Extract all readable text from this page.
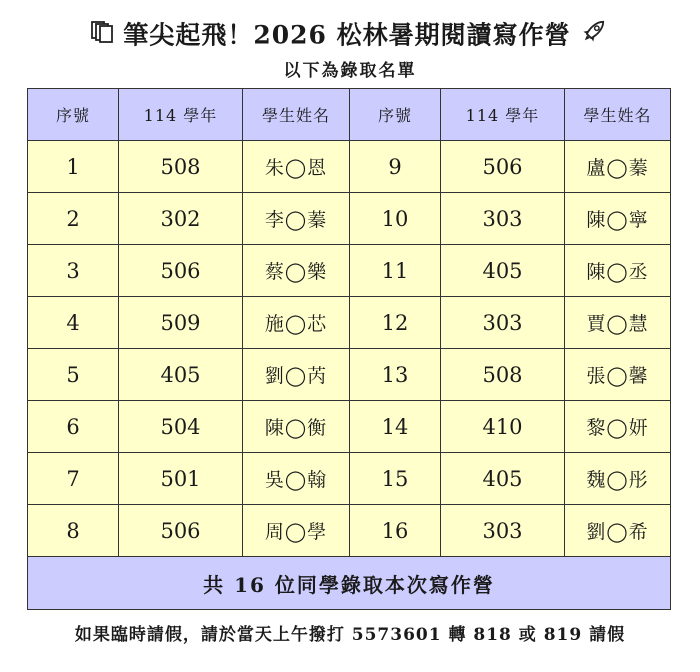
筆尖起飛！2026 松林暑期閱讀寫作營
以下為錄取名單
序號	114 學年	學生姓名	序號	114 學年	學生姓名
1	508	朱◯恩	9	506	盧◯蓁
2	302	李◯蓁	10	303	陳◯寧
3	506	蔡◯樂	11	405	陳◯丞
4	509	施◯芯	12	303	賈◯慧
5	405	劉◯芮	13	508	張◯馨
6	504	陳◯衡	14	410	黎◯妍
7	501	吳◯翰	15	405	魏◯彤
8	506	周◯學	16	303	劉◯希
共 16 位同學錄取本次寫作營					
如果臨時請假，請於當天上午撥打 5573601 轉 818 或 819 請假
